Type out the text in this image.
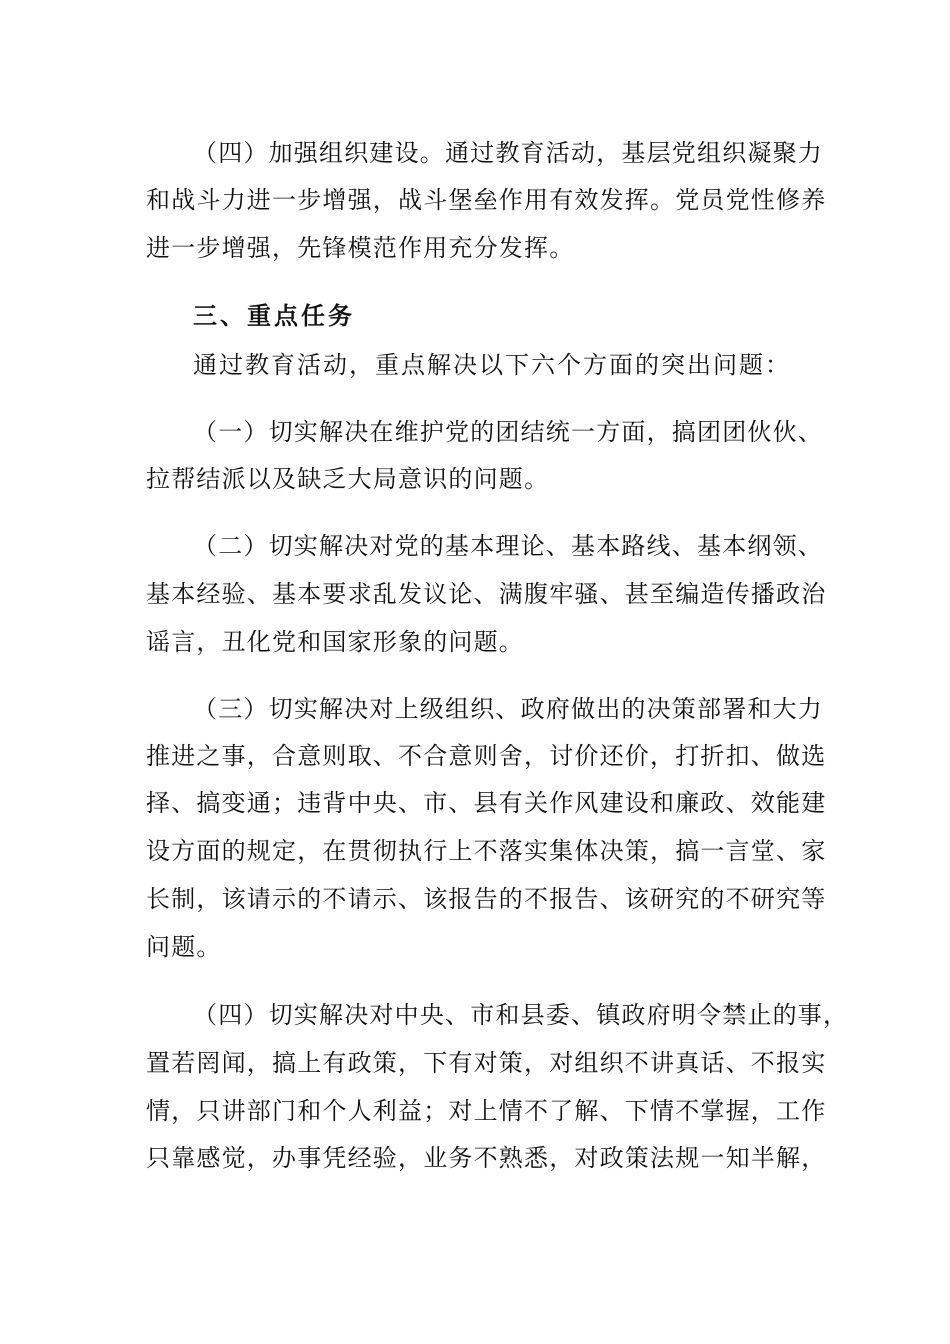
（四）加强组织建设。通过教育活动，基层党组织凝聚力
和战斗力进一步增强，战斗堡垒作用有效发挥。党员党性修养
进一步增强，先锋模范作用充分发挥。
三、重点任务
通过教育活动，重点解决以下六个方面的突出问题：
（一）切实解决在维护党的团结统一方面，搞团团伙伙、
拉帮结派以及缺乏大局意识的问题。
（二）切实解决对党的基本理论、基本路线、基本纲领、
基本经验、基本要求乱发议论、满腹牢骚、甚至编造传播政治
谣言，丑化党和国家形象的问题。
（三）切实解决对上级组织、政府做出的决策部署和大力
推进之事，合意则取、不合意则舍，讨价还价，打折扣、做选
择、搞变通；违背中央、市、县有关作风建设和廉政、效能建
设方面的规定，在贯彻执行上不落实集体决策，搞一言堂、家
长制，该请示的不请示、该报告的不报告、该研究的不研究等
问题。
（四）切实解决对中央、市和县委、镇政府明令禁止的事，
置若罔闻，搞上有政策，下有对策，对组织不讲真话、不报实
情，只讲部门和个人利益；对上情不了解、下情不掌握，工作
只靠感觉，办事凭经验，业务不熟悉，对政策法规一知半解，
